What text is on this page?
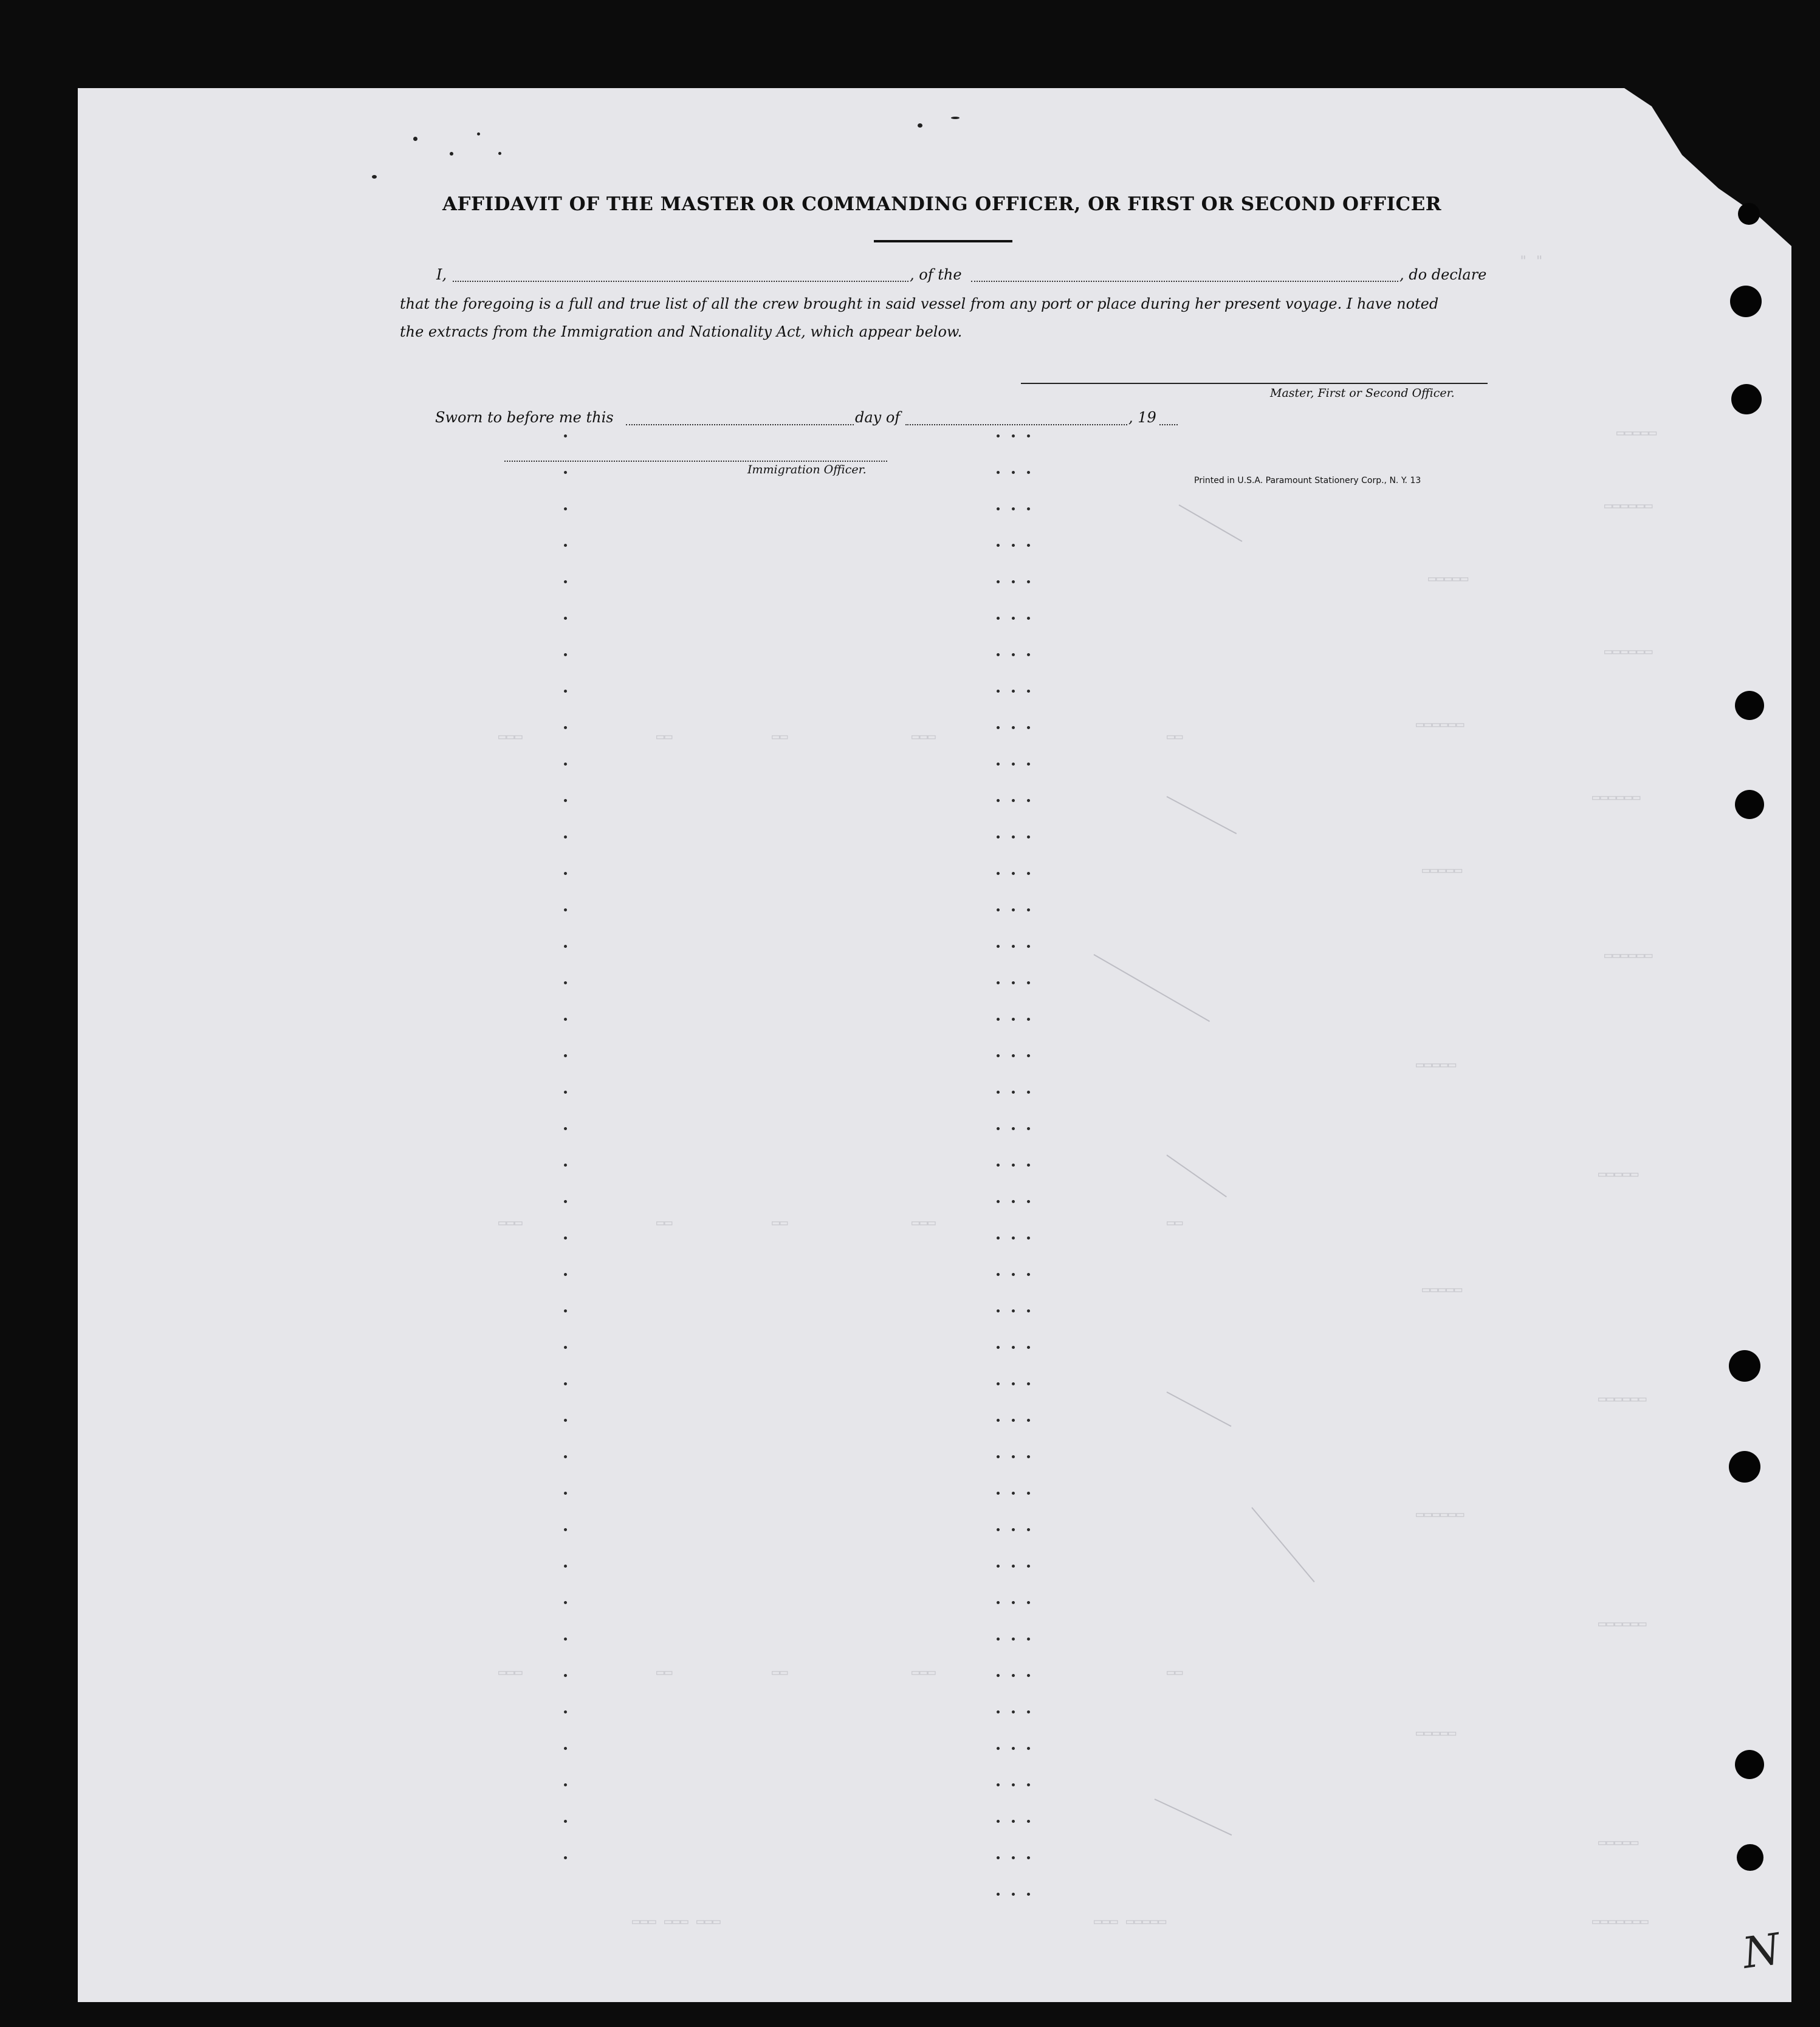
" "
▭▭▭▭▭
▭▭▭▭▭▭
▭▭▭▭▭
▭▭▭▭▭▭
▭▭▭▭▭▭
▭▭▭▭▭▭
▭▭▭▭▭
▭▭▭▭▭▭
▭▭▭▭▭
▭▭▭▭▭
▭▭▭▭▭
▭▭▭▭▭▭
▭▭▭▭▭▭
▭▭▭▭▭▭
▭▭▭▭▭
▭▭▭▭▭
▭▭▭▭▭▭▭
▭▭▭ ▭▭▭ ▭▭▭	▭▭▭ ▭▭▭▭▭
▭▭▭	▭▭	▭▭	▭▭▭	▭▭
▭▭▭	▭▭	▭▭	▭▭▭	▭▭
▭▭▭	▭▭	▭▭	▭▭▭	▭▭
AFFIDAVIT OF THE MASTER OR COMMANDING OFFICER, OR FIRST OR SECOND OFFICER
I,	, of the	, do declare
that the foregoing is a full and true list of all the crew brought in said vessel from any port or place during her present voyage. I have noted
the extracts from the Immigration and Nationality Act, which appear below.
Master, First or Second Officer.
Sworn to before me this	day of	, 19
Immigration Officer.
Printed in U.S.A. Paramount Stationery Corp., N. Y. 13
N
